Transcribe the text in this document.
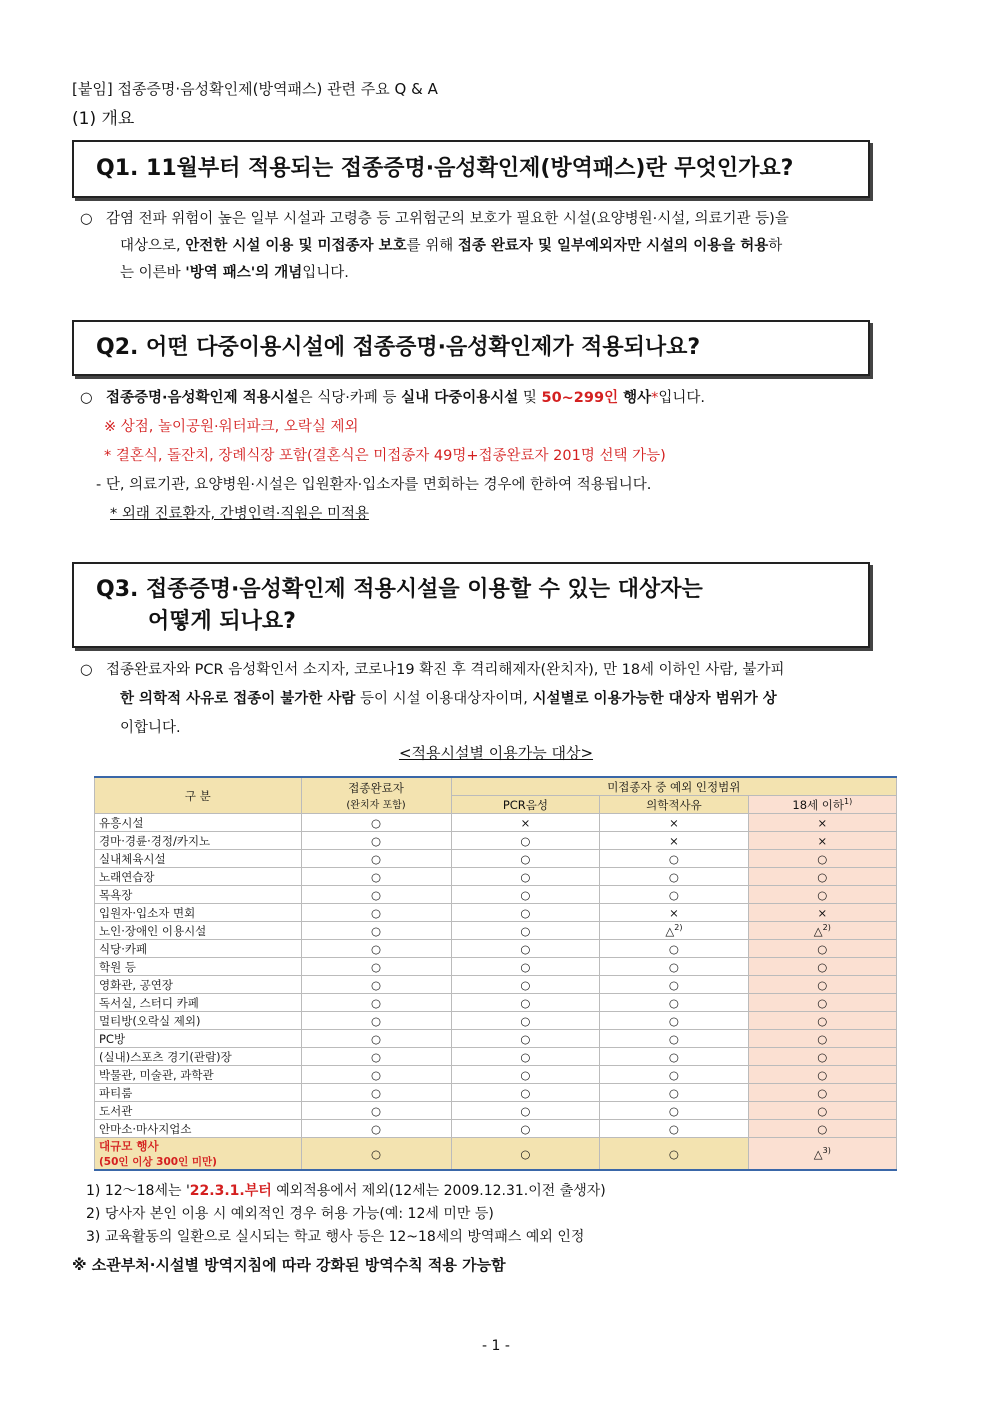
[붙임] 접종증명·음성확인제(방역패스) 관련 주요 Q & A
(1) 개요
Q1. 11월부터 적용되는 접종증명·음성확인제(방역패스)란 무엇인가요?
○ 감염 전파 위험이 높은 일부 시설과 고령층 등 고위험군의 보호가 필요한 시설(요양병원·시설, 의료기관 등)을
대상으로, 안전한 시설 이용 및 미접종자 보호를 위해 접종 완료자 및 일부예외자만 시설의 이용을 허용하
는 이른바 '방역 패스'의 개념입니다.
Q2. 어떤 다중이용시설에 접종증명·음성확인제가 적용되나요?
○ 접종증명·음성확인제 적용시설은 식당·카페 등 실내 다중이용시설 및 50~299인 행사*입니다.
※ 상점, 놀이공원·워터파크, 오락실 제외
* 결혼식, 돌잔치, 장례식장 포함(결혼식은 미접종자 49명+접종완료자 201명 선택 가능)
- 단, 의료기관, 요양병원·시설은 입원환자·입소자를 면회하는 경우에 한하여 적용됩니다.
* 외래 진료환자, 간병인력·직원은 미적용
Q3. 접종증명·음성확인제 적용시설을 이용할 수 있는 대상자는
어떻게 되나요?
○ 접종완료자와 PCR 음성확인서 소지자, 코로나19 확진 후 격리해제자(완치자), 만 18세 이하인 사람, 불가피
한 의학적 사유로 접종이 불가한 사람 등이 시설 이용대상자이며, 시설별로 이용가능한 대상자 범위가 상
이합니다.
<적용시설별 이용가능 대상>
구 분	접종완료자
(완치자 포함)	미접종자 중 예외 인정범위		
		PCR음성	의학적사유	18세 이하$^{1)}$
유흥시설	○	×	×	×
경마·경륜·경정/카지노	○	○	×	×
실내체육시설	○	○	○	○
노래연습장	○	○	○	○
목욕장	○	○	○	○
입원자·입소자 면회	○	○	×	×
노인·장애인 이용시설	○	○	△$^{2)}$	△$^{2)}$
식당·카페	○	○	○	○
학원 등	○	○	○	○
영화관, 공연장	○	○	○	○
독서실, 스터디 카페	○	○	○	○
멀티방(오락실 제외)	○	○	○	○
PC방	○	○	○	○
(실내)스포츠 경기(관람)장	○	○	○	○
박물관, 미술관, 과학관	○	○	○	○
파티룸	○	○	○	○
도서관	○	○	○	○
안마소·마사지업소	○	○	○	○

대규모 행사
(50인 이상 300인 미만)	○	○	○	△$^{3)}$
1) 12～18세는 '22.3.1.부터 예외적용에서 제외(12세는 2009.12.31.이전 출생자)
2) 당사자 본인 이용 시 예외적인 경우 허용 가능(예: 12세 미만 등)
3) 교육활동의 일환으로 실시되는 학교 행사 등은 12~18세의 방역패스 예외 인정
※ 소관부처·시설별 방역지침에 따라 강화된 방역수칙 적용 가능함
- 1 -
